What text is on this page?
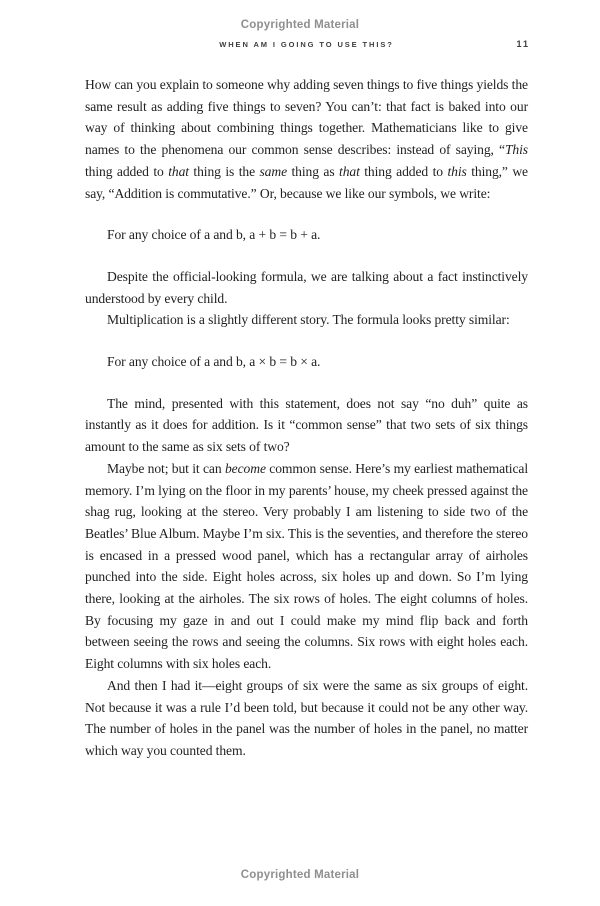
Copyrighted Material
WHEN AM I GOING TO USE THIS?	11

How can you explain to someone why adding seven things to five things yields the same result as adding five things to seven? You can’t: that fact is baked into our way of thinking about combining things together. Mathematicians like to give names to the phenomena our common sense describes: instead of saying, “This thing added to that thing is the same thing as that thing added to this thing,” we say, “Addition is commutative.” Or, because we like our symbols, we write:

For any choice of a and b, a + b = b + a.

Despite the official-looking formula, we are talking about a fact instinctively understood by every child.

Multiplication is a slightly different story. The formula looks pretty similar:

For any choice of a and b, a × b = b × a.

The mind, presented with this statement, does not say “no duh” quite as instantly as it does for addition. Is it “common sense” that two sets of six things amount to the same as six sets of two?

Maybe not; but it can become common sense. Here’s my earliest mathematical memory. I’m lying on the floor in my parents’ house, my cheek pressed against the shag rug, looking at the stereo. Very probably I am listening to side two of the Beatles’ Blue Album. Maybe I’m six. This is the seventies, and therefore the stereo is encased in a pressed wood panel, which has a rectangular array of airholes punched into the side. Eight holes across, six holes up and down. So I’m lying there, looking at the airholes. The six rows of holes. The eight columns of holes. By focusing my gaze in and out I could make my mind flip back and forth between seeing the rows and seeing the columns. Six rows with eight holes each. Eight columns with six holes each.

And then I had it—eight groups of six were the same as six groups of eight. Not because it was a rule I’d been told, but because it could not be any other way. The number of holes in the panel was the number of holes in the panel, no matter which way you counted them.

Copyrighted Material
